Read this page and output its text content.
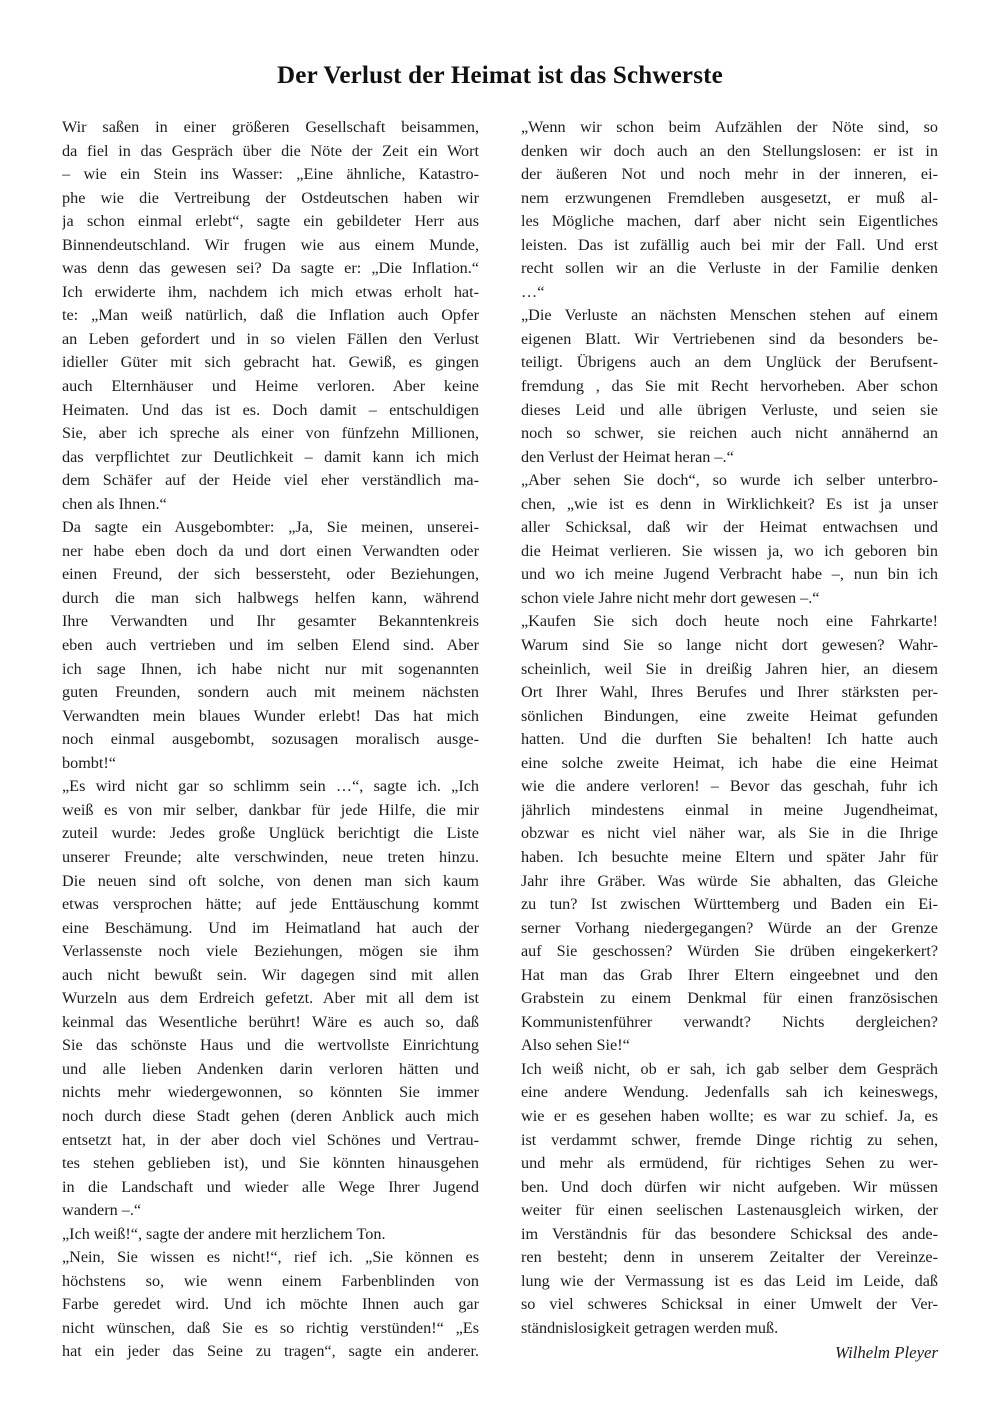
Der Verlust der Heimat ist das Schwerste
Wir saßen in einer größeren Gesellschaft beisammen,
da fiel in das Gespräch über die Nöte der Zeit ein Wort
– wie ein Stein ins Wasser: „Eine ähnliche, Katastro-
phe wie die Vertreibung der Ostdeutschen haben wir
ja schon einmal erlebt“, sagte ein gebildeter Herr aus
Binnendeutschland. Wir frugen wie aus einem Munde,
was denn das gewesen sei? Da sagte er: „Die Inflation.“
Ich erwiderte ihm, nachdem ich mich etwas erholt hat-
te: „Man weiß natürlich, daß die Inflation auch Opfer
an Leben gefordert und in so vielen Fällen den Verlust
idieller Güter mit sich gebracht hat. Gewiß, es gingen
auch Elternhäuser und Heime verloren. Aber keine
Heimaten. Und das ist es. Doch damit – entschuldigen
Sie, aber ich spreche als einer von fünfzehn Millionen,
das verpflichtet zur Deutlichkeit – damit kann ich mich
dem Schäfer auf der Heide viel eher verständlich ma-
chen als Ihnen.“
Da sagte ein Ausgebombter: „Ja, Sie meinen, unserei-
ner habe eben doch da und dort einen Verwandten oder
einen Freund, der sich bessersteht, oder Beziehungen,
durch die man sich halbwegs helfen kann, während
Ihre Verwandten und Ihr gesamter Bekanntenkreis
eben auch vertrieben und im selben Elend sind. Aber
ich sage Ihnen, ich habe nicht nur mit sogenannten
guten Freunden, sondern auch mit meinem nächsten
Verwandten mein blaues Wunder erlebt! Das hat mich
noch einmal ausgebombt, sozusagen moralisch ausge-
bombt!“
„Es wird nicht gar so schlimm sein …“, sagte ich. „Ich
weiß es von mir selber, dankbar für jede Hilfe, die mir
zuteil wurde: Jedes große Unglück berichtigt die Liste
unserer Freunde; alte verschwinden, neue treten hinzu.
Die neuen sind oft solche, von denen man sich kaum
etwas versprochen hätte; auf jede Enttäuschung kommt
eine Beschämung. Und im Heimatland hat auch der
Verlassenste noch viele Beziehungen, mögen sie ihm
auch nicht bewußt sein. Wir dagegen sind mit allen
Wurzeln aus dem Erdreich gefetzt. Aber mit all dem ist
keinmal das Wesentliche berührt! Wäre es auch so, daß
Sie das schönste Haus und die wertvollste Einrichtung
und alle lieben Andenken darin verloren hätten und
nichts mehr wiedergewonnen, so könnten Sie immer
noch durch diese Stadt gehen (deren Anblick auch mich
entsetzt hat, in der aber doch viel Schönes und Vertrau-
tes stehen geblieben ist), und Sie könnten hinausgehen
in die Landschaft und wieder alle Wege Ihrer Jugend
wandern –.“
„Ich weiß!“, sagte der andere mit herzlichem Ton.
„Nein, Sie wissen es nicht!“, rief ich. „Sie können es
höchstens so, wie wenn einem Farbenblinden von
Farbe geredet wird. Und ich möchte Ihnen auch gar
nicht wünschen, daß Sie es so richtig verstünden!“ „Es
hat ein jeder das Seine zu tragen“, sagte ein anderer.
„Wenn wir schon beim Aufzählen der Nöte sind, so
denken wir doch auch an den Stellungslosen: er ist in
der äußeren Not und noch mehr in der inneren, ei-
nem erzwungenen Fremdleben ausgesetzt, er muß al-
les Mögliche machen, darf aber nicht sein Eigentliches
leisten. Das ist zufällig auch bei mir der Fall. Und erst
recht sollen wir an die Verluste in der Familie denken
…“
„Die Verluste an nächsten Menschen stehen auf einem
eigenen Blatt. Wir Vertriebenen sind da besonders be-
teiligt. Übrigens auch an dem Unglück der Berufsent-
fremdung , das Sie mit Recht hervorheben. Aber schon
dieses Leid und alle übrigen Verluste, und seien sie
noch so schwer, sie reichen auch nicht annähernd an
den Verlust der Heimat heran –.“
„Aber sehen Sie doch“, so wurde ich selber unterbro-
chen, „wie ist es denn in Wirklichkeit? Es ist ja unser
aller Schicksal, daß wir der Heimat entwachsen und
die Heimat verlieren. Sie wissen ja, wo ich geboren bin
und wo ich meine Jugend Verbracht habe –, nun bin ich
schon viele Jahre nicht mehr dort gewesen –.“
„Kaufen Sie sich doch heute noch eine Fahrkarte!
Warum sind Sie so lange nicht dort gewesen? Wahr-
scheinlich, weil Sie in dreißig Jahren hier, an diesem
Ort Ihrer Wahl, Ihres Berufes und Ihrer stärksten per-
sönlichen Bindungen, eine zweite Heimat gefunden
hatten. Und die durften Sie behalten! Ich hatte auch
eine solche zweite Heimat, ich habe die eine Heimat
wie die andere verloren! – Bevor das geschah, fuhr ich
jährlich mindestens einmal in meine Jugendheimat,
obzwar es nicht viel näher war, als Sie in die Ihrige
haben. Ich besuchte meine Eltern und später Jahr für
Jahr ihre Gräber. Was würde Sie abhalten, das Gleiche
zu tun? Ist zwischen Württemberg und Baden ein Ei-
serner Vorhang niedergegangen? Würde an der Grenze
auf Sie geschossen? Würden Sie drüben eingekerkert?
Hat man das Grab Ihrer Eltern eingeebnet und den
Grabstein zu einem Denkmal für einen französischen
Kommunistenführer verwandt? Nichts dergleichen?
Also sehen Sie!“
Ich weiß nicht, ob er sah, ich gab selber dem Gespräch
eine andere Wendung. Jedenfalls sah ich keineswegs,
wie er es gesehen haben wollte; es war zu schief. Ja, es
ist verdammt schwer, fremde Dinge richtig zu sehen,
und mehr als ermüdend, für richtiges Sehen zu wer-
ben. Und doch dürfen wir nicht aufgeben. Wir müssen
weiter für einen seelischen Lastenausgleich wirken, der
im Verständnis für das besondere Schicksal des ande-
ren besteht; denn in unserem Zeitalter der Vereinze-
lung wie der Vermassung ist es das Leid im Leide, daß
so viel schweres Schicksal in einer Umwelt der Ver-
ständnislosigkeit getragen werden muß.
Wilhelm Pleyer
